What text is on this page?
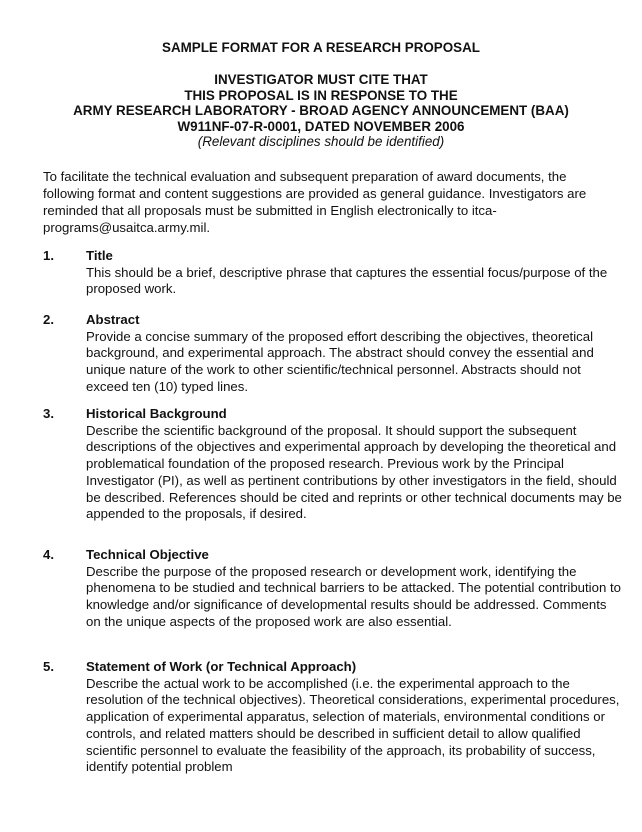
SAMPLE FORMAT FOR A RESEARCH PROPOSAL
INVESTIGATOR MUST CITE THAT
THIS PROPOSAL IS IN RESPONSE TO THE
ARMY RESEARCH LABORATORY - BROAD AGENCY ANNOUNCEMENT (BAA)
W911NF-07-R-0001, DATED NOVEMBER 2006
(Relevant disciplines should be identified)
To facilitate the technical evaluation and subsequent preparation of award documents, the following format and content suggestions are provided as general guidance. Investigators are reminded that all proposals must be submitted in English electronically to itca-programs@usaitca.army.mil.
1. Title
This should be a brief, descriptive phrase that captures the essential focus/purpose of the proposed work.
2. Abstract
Provide a concise summary of the proposed effort describing the objectives, theoretical background, and experimental approach. The abstract should convey the essential and unique nature of the work to other scientific/technical personnel. Abstracts should not exceed ten (10) typed lines.
3. Historical Background
Describe the scientific background of the proposal. It should support the subsequent descriptions of the objectives and experimental approach by developing the theoretical and problematical foundation of the proposed research. Previous work by the Principal Investigator (PI), as well as pertinent contributions by other investigators in the field, should be described. References should be cited and reprints or other technical documents may be appended to the proposals, if desired.
4. Technical Objective
Describe the purpose of the proposed research or development work, identifying the phenomena to be studied and technical barriers to be attacked. The potential contribution to knowledge and/or significance of developmental results should be addressed. Comments on the unique aspects of the proposed work are also essential.
5. Statement of Work (or Technical Approach)
Describe the actual work to be accomplished (i.e. the experimental approach to the resolution of the technical objectives). Theoretical considerations, experimental procedures, application of experimental apparatus, selection of materials, environmental conditions or controls, and related matters should be described in sufficient detail to allow qualified scientific personnel to evaluate the feasibility of the approach, its probability of success, identify potential problem
